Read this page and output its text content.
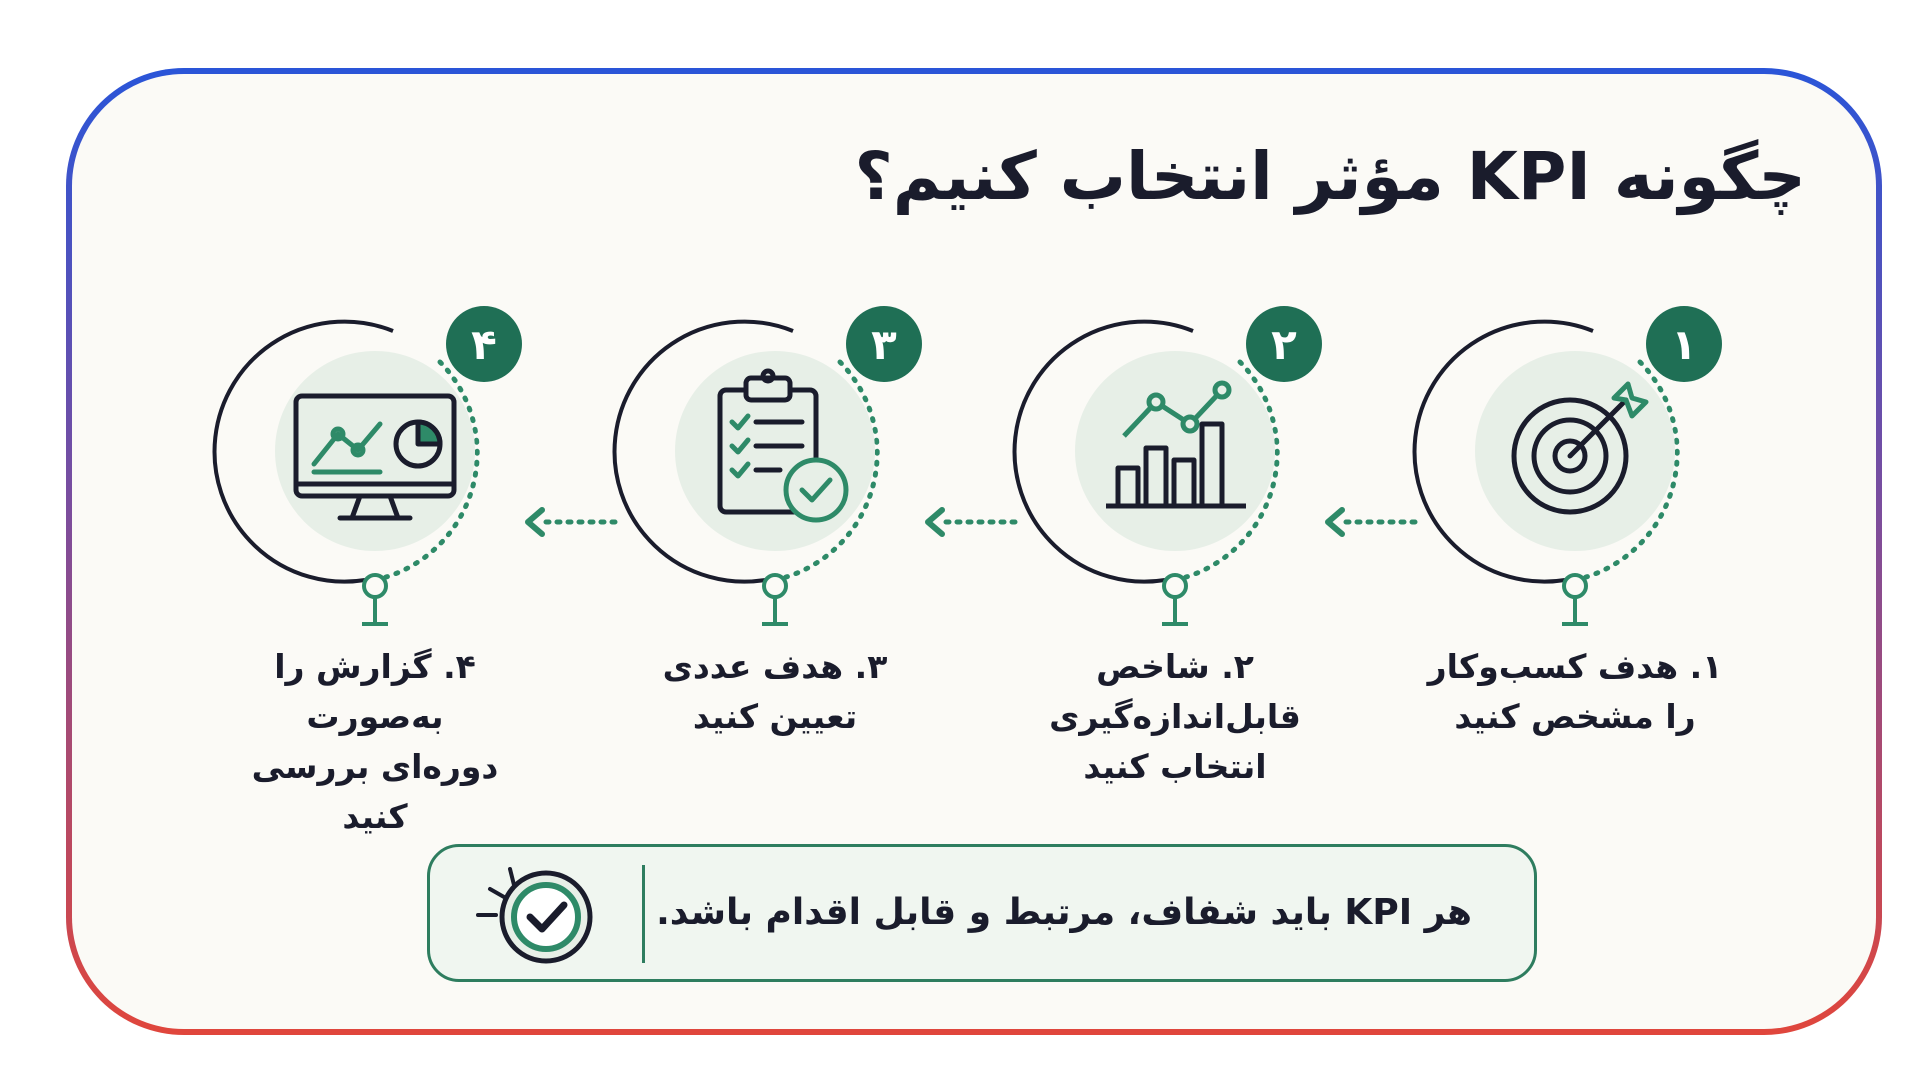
چگونه KPI مؤثر انتخاب کنیم؟
۱
۱. هدف کسب‌وکار
را مشخص کنید
۲
۲. شاخص
قابل‌اندازه‌گیری
انتخاب کنید
۳
۳. هدف عددی
تعیین کنید
۴
۴. گزارش را به‌صورت
دوره‌ای بررسی کنید
هر KPI باید شفاف، مرتبط و قابل اقدام باشد.
